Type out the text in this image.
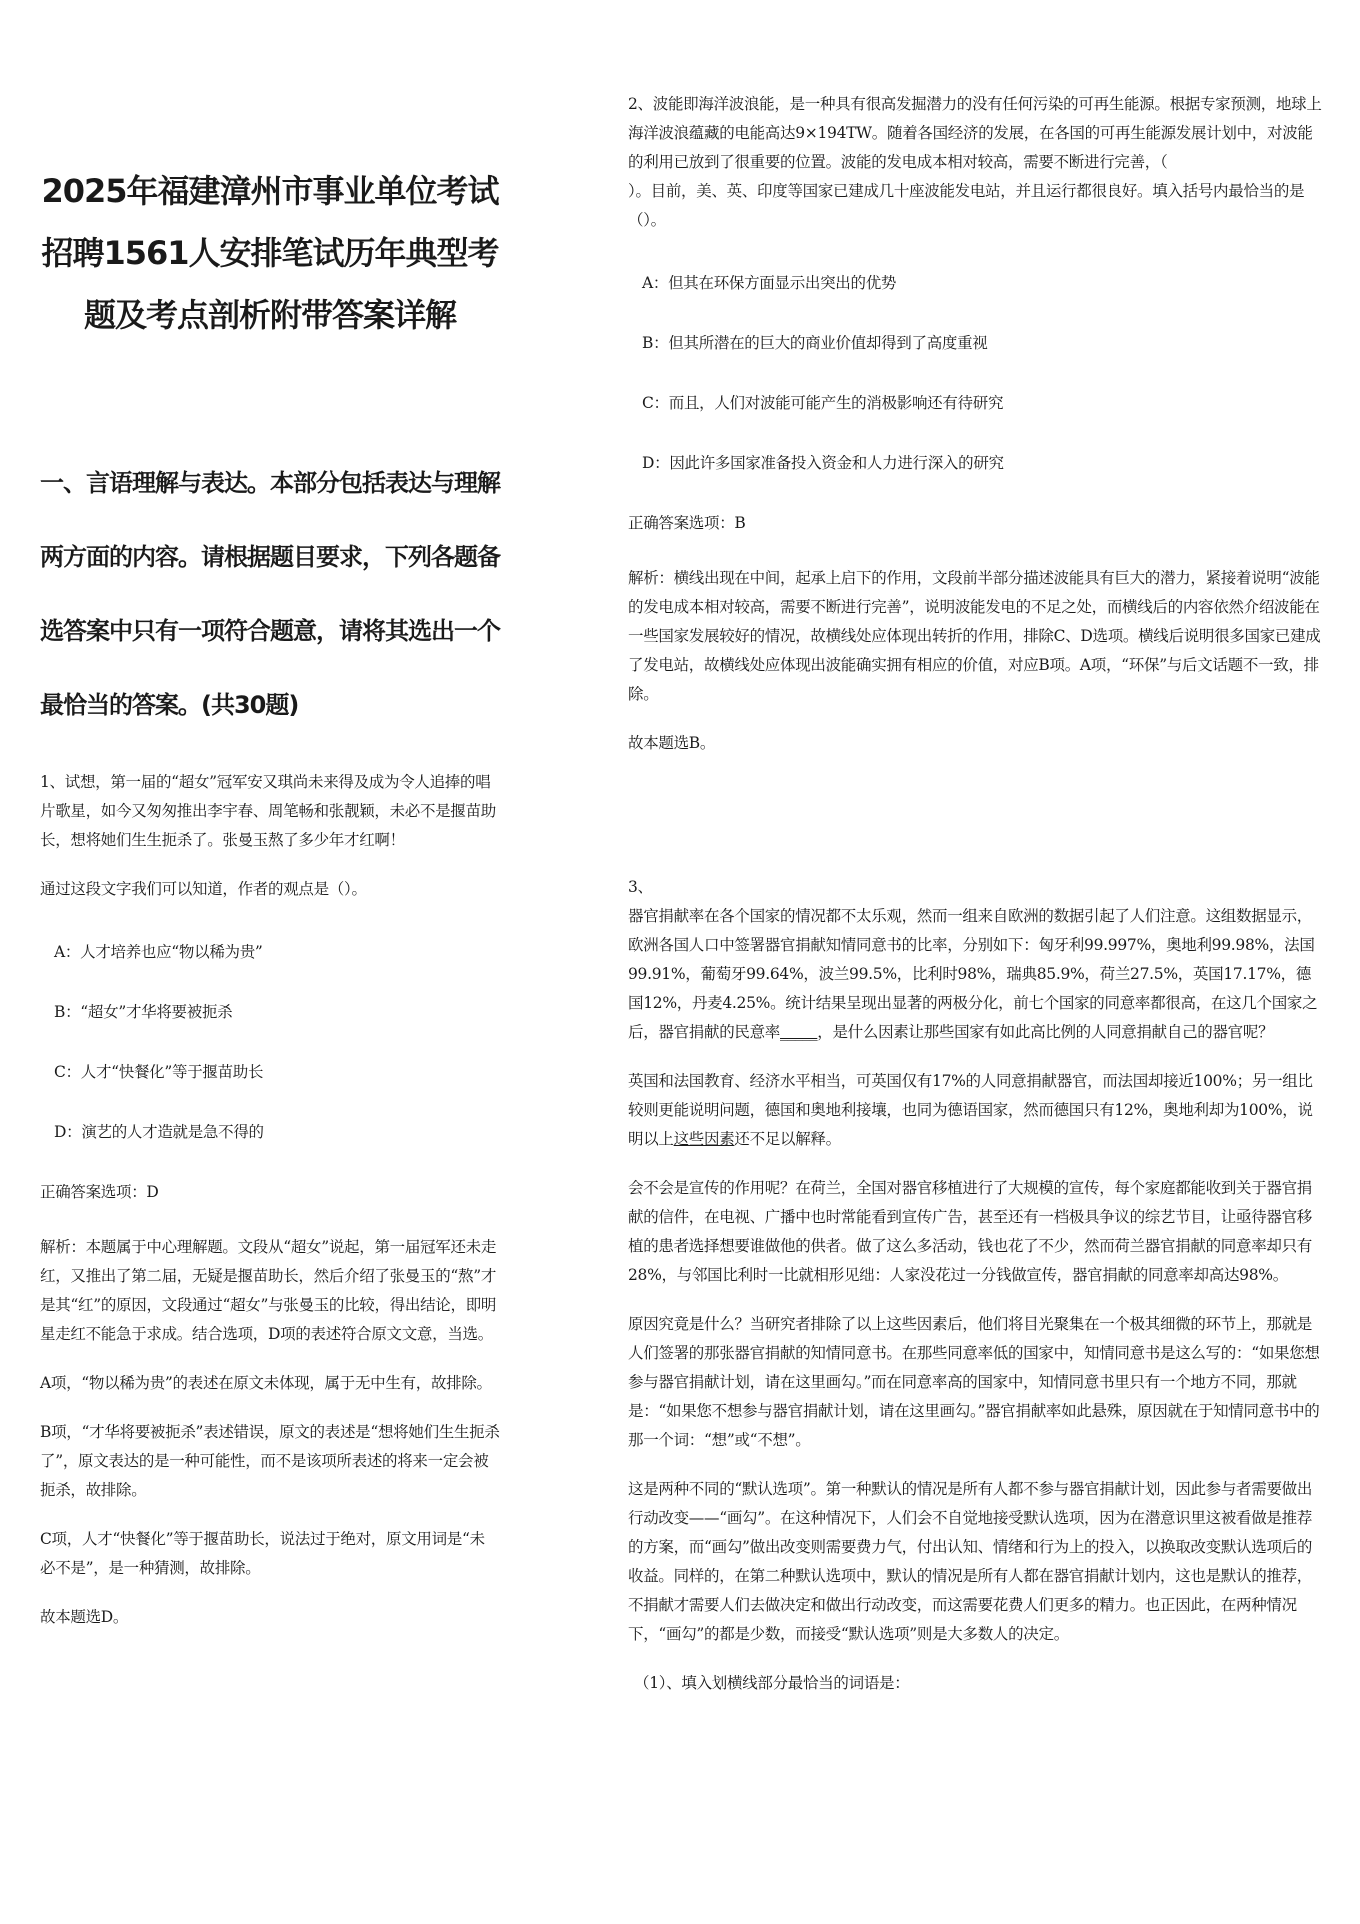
2025年福建漳州市事业单位考试招聘1561人安排笔试历年典型考题及考点剖析附带答案详解
一、言语理解与表达。本部分包括表达与理解两方面的内容。请根据题目要求，下列各题备选答案中只有一项符合题意，请将其选出一个最恰当的答案。(共30题)

1、试想，第一届的“超女”冠军安又琪尚未来得及成为令人追捧的唱片歌星，如今又匆匆推出李宇春、周笔畅和张靓颖，未必不是揠苗助长，想将她们生生扼杀了。张曼玉熬了多少年才红啊！

通过这段文字我们可以知道，作者的观点是（）。

A：人才培养也应“物以稀为贵”

B：“超女”才华将要被扼杀

C：人才“快餐化”等于揠苗助长

D：演艺的人才造就是急不得的

正确答案选项：D

解析：本题属于中心理解题。文段从“超女”说起，第一届冠军还未走红，又推出了第二届，无疑是揠苗助长，然后介绍了张曼玉的“熬”才是其“红”的原因，文段通过“超女”与张曼玉的比较，得出结论，即明星走红不能急于求成。结合选项，D项的表述符合原文文意，当选。

A项，“物以稀为贵”的表述在原文未体现，属于无中生有，故排除。

B项，“才华将要被扼杀”表述错误，原文的表述是“想将她们生生扼杀了”，原文表达的是一种可能性，而不是该项所表述的将来一定会被扼杀，故排除。

C项，人才“快餐化”等于揠苗助长，说法过于绝对，原文用词是“未必不是”，是一种猜测，故排除。

故本题选D。

2、波能即海洋波浪能，是一种具有很高发掘潜力的没有任何污染的可再生能源。根据专家预测，地球上海洋波浪蕴藏的电能高达9×194TW。随着各国经济的发展，在各国的可再生能源发展计划中，对波能的利用已放到了很重要的位置。波能的发电成本相对较高，需要不断进行完善，（

）。目前，美、英、印度等国家已建成几十座波能发电站，并且运行都很良好。填入括号内最恰当的是（）。

A：但其在环保方面显示出突出的优势

B：但其所潜在的巨大的商业价值却得到了高度重视

C：而且，人们对波能可能产生的消极影响还有待研究

D：因此许多国家准备投入资金和人力进行深入的研究

正确答案选项：B

解析：横线出现在中间，起承上启下的作用，文段前半部分描述波能具有巨大的潜力，紧接着说明“波能的发电成本相对较高，需要不断进行完善”，说明波能发电的不足之处，而横线后的内容依然介绍波能在一些国家发展较好的情况，故横线处应体现出转折的作用，排除C、D选项。横线后说明很多国家已建成了发电站，故横线处应体现出波能确实拥有相应的价值，对应B项。A项，“环保”与后文话题不一致，排除。

故本题选B。

3、

器官捐献率在各个国家的情况都不太乐观，然而一组来自欧洲的数据引起了人们注意。这组数据显示，欧洲各国人口中签署器官捐献知情同意书的比率，分别如下：匈牙利99.997%，奥地利99.98%，法国99.91%，葡萄牙99.64%，波兰99.5%，比利时98%，瑞典85.9%，荷兰27.5%，英国17.17%，德国12%，丹麦4.25%。统计结果呈现出显著的两极分化，前七个国家的同意率都很高，在这几个国家之后，器官捐献的民意率_____，是什么因素让那些国家有如此高比例的人同意捐献自己的器官呢？

英国和法国教育、经济水平相当，可英国仅有17%的人同意捐献器官，而法国却接近100%；另一组比较则更能说明问题，德国和奥地利接壤，也同为德语国家，然而德国只有12%，奥地利却为100%，说明以上这些因素还不足以解释。

会不会是宣传的作用呢？在荷兰，全国对器官移植进行了大规模的宣传，每个家庭都能收到关于器官捐献的信件，在电视、广播中也时常能看到宣传广告，甚至还有一档极具争议的综艺节目，让亟待器官移植的患者选择想要谁做他的供者。做了这么多活动，钱也花了不少，然而荷兰器官捐献的同意率却只有28%，与邻国比利时一比就相形见绌：人家没花过一分钱做宣传，器官捐献的同意率却高达98%。

原因究竟是什么？当研究者排除了以上这些因素后，他们将目光聚集在一个极其细微的环节上，那就是人们签署的那张器官捐献的知情同意书。在那些同意率低的国家中，知情同意书是这么写的：“如果您想参与器官捐献计划，请在这里画勾。”而在同意率高的国家中，知情同意书里只有一个地方不同，那就是：“如果您不想参与器官捐献计划，请在这里画勾。”器官捐献率如此悬殊，原因就在于知情同意书中的那一个词：“想”或“不想”。

这是两种不同的“默认选项”。第一种默认的情况是所有人都不参与器官捐献计划，因此参与者需要做出行动改变——“画勾”。在这种情况下，人们会不自觉地接受默认选项，因为在潜意识里这被看做是推荐的方案，而“画勾”做出改变则需要费力气，付出认知、情绪和行为上的投入，以换取改变默认选项后的收益。同样的，在第二种默认选项中，默认的情况是所有人都在器官捐献计划内，这也是默认的推荐，不捐献才需要人们去做决定和做出行动改变，而这需要花费人们更多的精力。也正因此，在两种情况下，“画勾”的都是少数，而接受“默认选项”则是大多数人的决定。

（1）、填入划横线部分最恰当的词语是：
